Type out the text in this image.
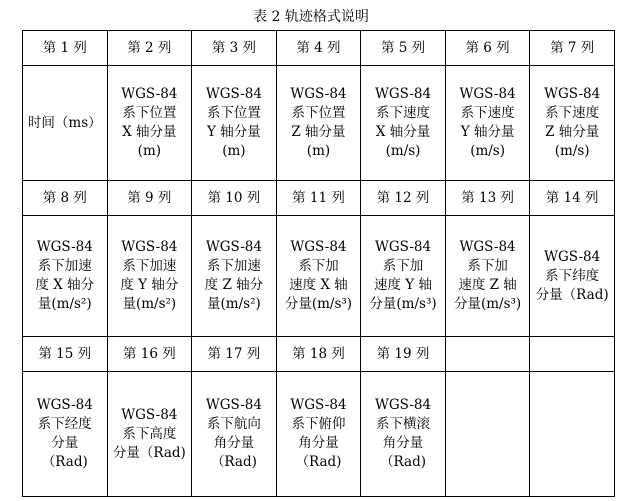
表 2 轨迹格式说明
第 1 列	第 2 列	第 3 列	第 4 列	第 5 列	第 6 列	第 7 列
时间（ms）	WGS-84
系下位置
X 轴分量
(m)	WGS-84
系下位置
Y 轴分量
(m)	WGS-84
系下位置
Z 轴分量
(m)	WGS-84
系下速度
X 轴分量
(m/s)	WGS-84
系下速度
Y 轴分量
(m/s)	WGS-84
系下速度
Z 轴分量
(m/s)
第 8 列	第 9 列	第 10 列	第 11 列	第 12 列	第 13 列	第 14 列
WGS-84
系下加速
度 X 轴分
量(m/s²)	WGS-84
系下加速
度 Y 轴分
量(m/s²)	WGS-84
系下加速
度 Z 轴分
量(m/s²)	WGS-84
系下加
速度 X 轴
分量(m/s³)	WGS-84
系下加
速度 Y 轴
分量(m/s³)	WGS-84
系下加
速度 Z 轴
分量(m/s³)	WGS-84
系下纬度
分量（Rad)
第 15 列	第 16 列	第 17 列	第 18 列	第 19 列		
WGS-84
系下经度
分量
（Rad)	WGS-84
系下高度
分量（Rad)	WGS-84
系下航向
角分量
（Rad)	WGS-84
系下俯仰
角分量
（Rad)	WGS-84
系下横滚
角分量
（Rad)		
